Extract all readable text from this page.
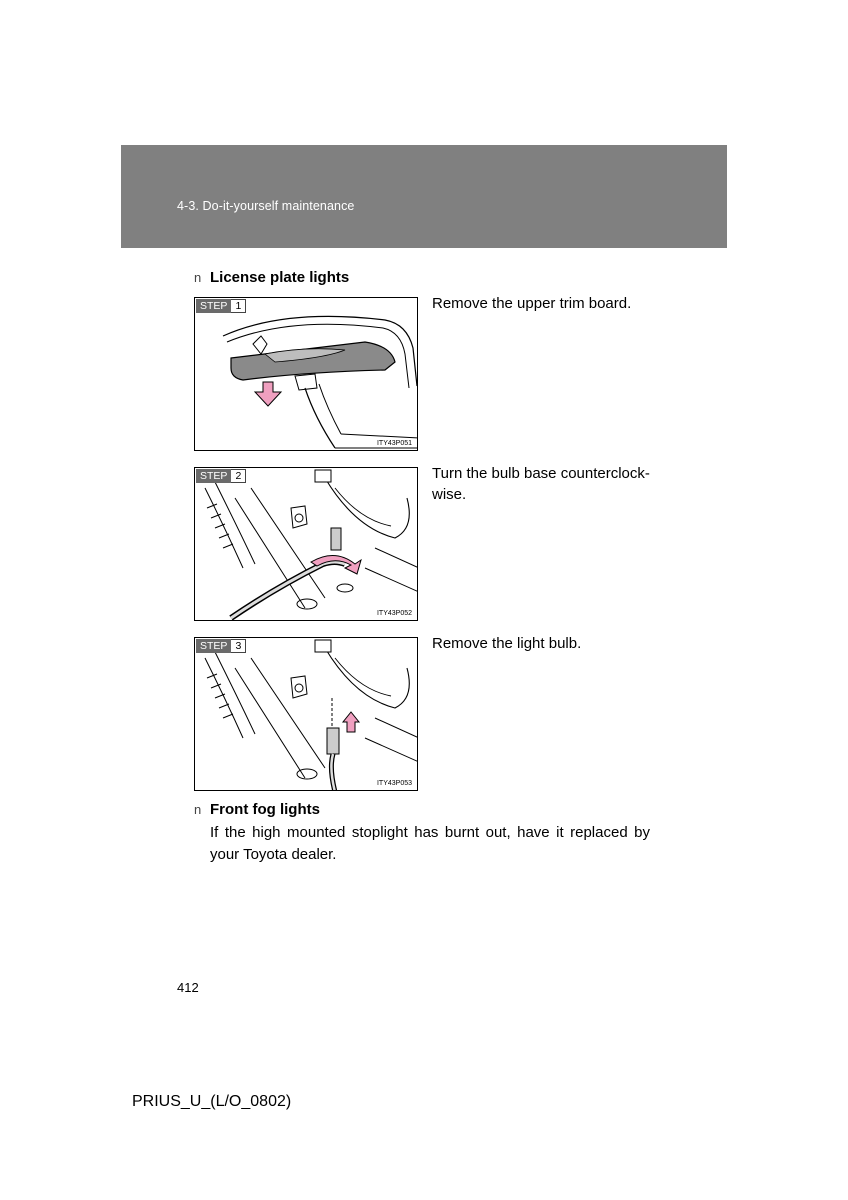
4-3. Do-it-yourself maintenance
n License plate lights
STEP 1
ITY43P051
Remove the upper trim board.
STEP 2
ITY43P052
Turn the bulb base counterclock-wise.
STEP 3
ITY43P053
Remove the light bulb.
n Front fog lights
If the high mounted stoplight has burnt out, have it replaced by your Toyota dealer.
412
PRIUS_U_(L/O_0802)
